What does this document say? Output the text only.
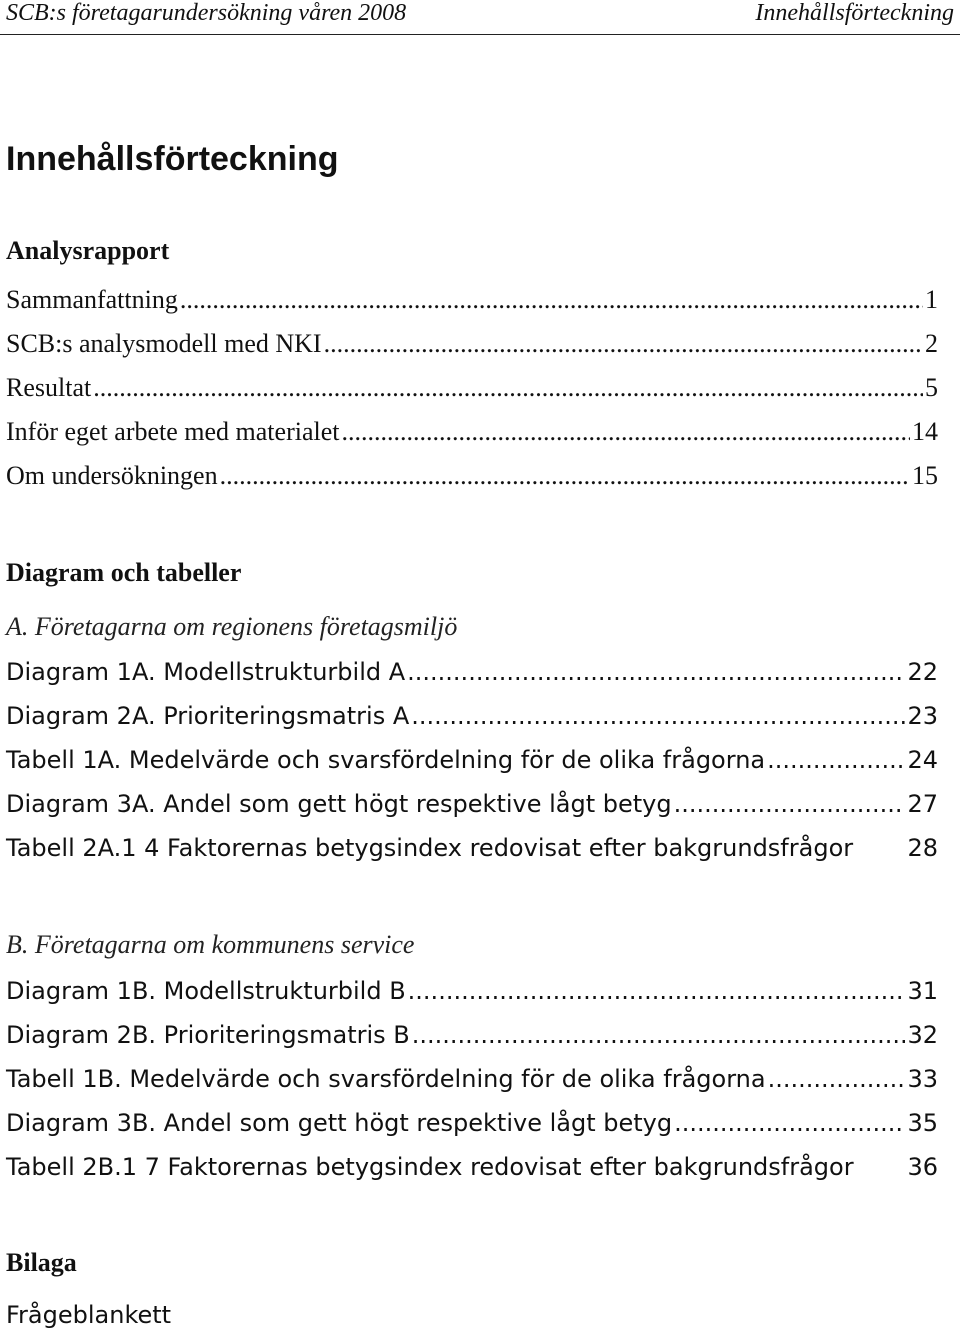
SCB:s företagarundersökning våren 2008	Innehållsförteckning
Innehållsförteckning
Analysrapport
Sammanfattning .....	1
SCB:s analysmodell med NKI .....	2
Resultat .....	5
Inför eget arbete med materialet .....	14
Om undersökningen .....	15
Diagram och tabeller
A. Företagarna om regionens företagsmiljö
Diagram 1A. Modellstrukturbild A .....	22
Diagram 2A. Prioriteringsmatris A .....	23
Tabell 1A. Medelvärde och svarsfördelning för de olika frågorna .....	24
Diagram 3A. Andel som gett högt respektive lågt betyg .....	27
Tabell 2A.1 4 Faktorernas betygsindex redovisat efter bakgrundsfrågor 28
B. Företagarna om kommunens service
Diagram 1B. Modellstrukturbild B .....	31
Diagram 2B. Prioriteringsmatris B .....	32
Tabell 1B. Medelvärde och svarsfördelning för de olika frågorna .....	33
Diagram 3B. Andel som gett högt respektive lågt betyg .....	35
Tabell 2B.1 7 Faktorernas betygsindex redovisat efter bakgrundsfrågor 36
Bilaga
Frågeblankett
